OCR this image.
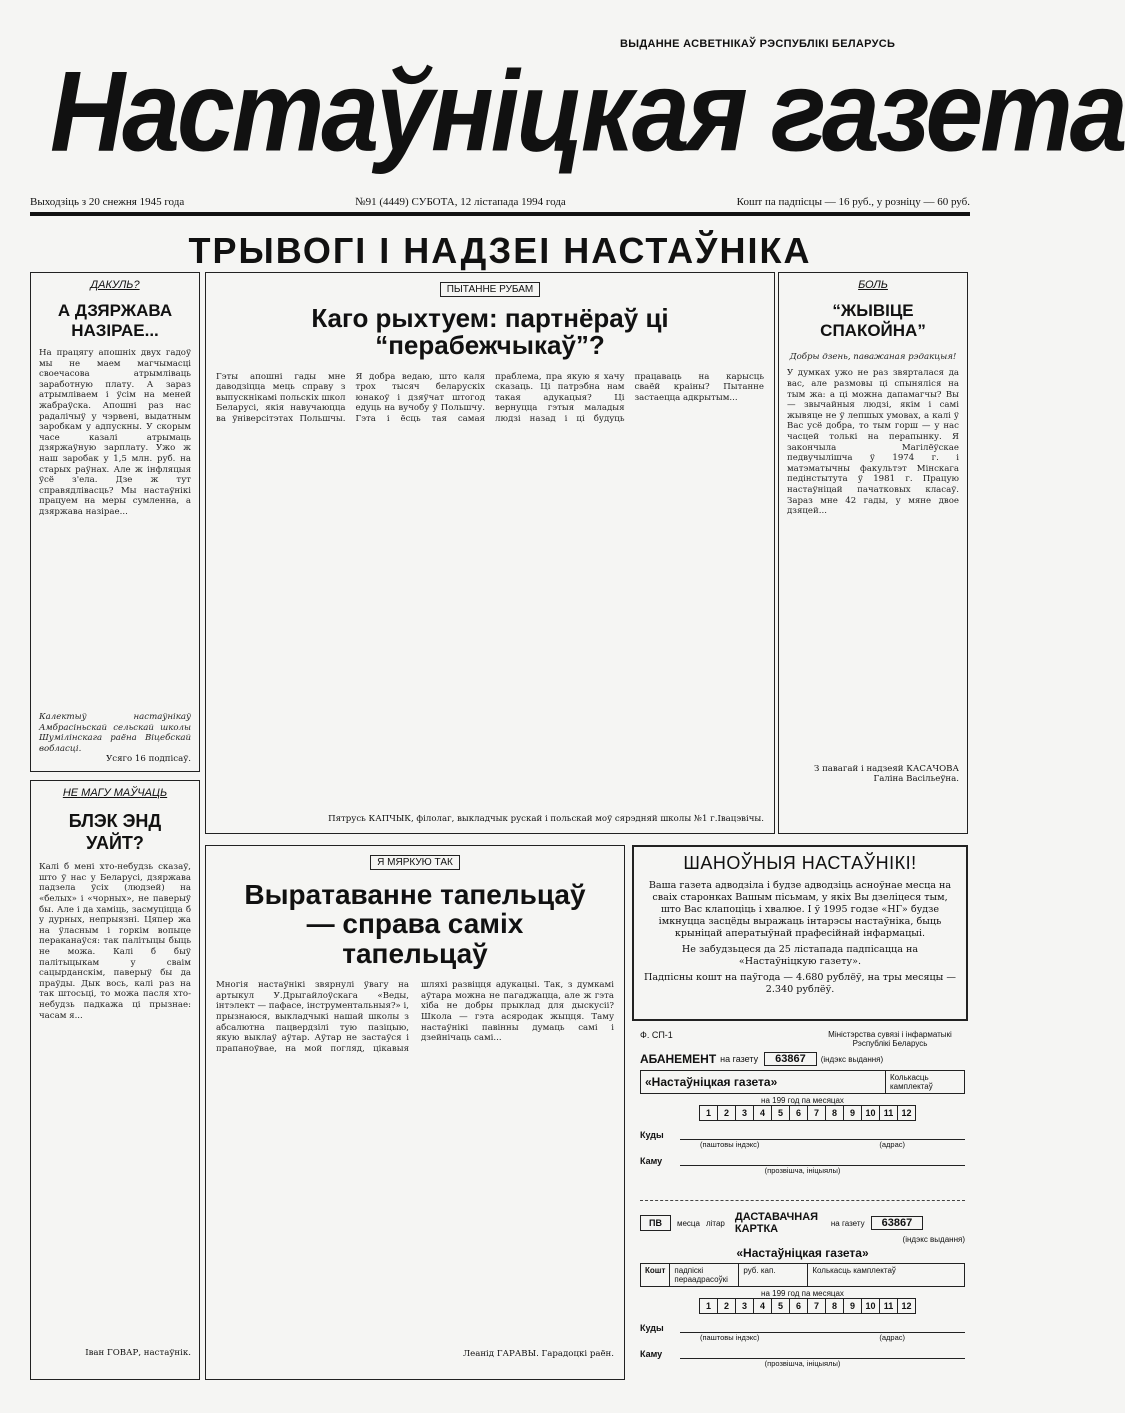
ВЫДАННЕ АСВЕТНІКАЎ РЭСПУБЛІКІ БЕЛАРУСЬ
Настаўніцкая газета
Выходзіць з 20 снежня 1945 года	№91 (4449) СУБОТА, 12 лістапада 1994 года	Кошт па падпісцы — 16 руб., у розніцу — 60 руб.
ТРЫВОГІ І НАДЗЕІ НАСТАЎНІКА
ДАКУЛЬ?
А ДЗЯРЖАВА НАЗІРАЕ...
На працягу апошніх двух гадоў мы не маем магчымасці своечасова атрымліваць заработную плату. А зараз атрымліваем і ўсім на меней жабраўска. Апошні раз нас радалічыў у чэрвені, выдатным заробкам у адпускны. У скорым часе казалі атрымаць дзяржаўную зарплату. Ужо ж наш заробак у 1,5 млн. руб. на старых раўнах. Але ж інфляцыя ўсё з'ела. Дзе ж тут справядлівасць? Мы настаўнікі працуем на меры сумленна, а дзяржава назірае...
Калектыў настаўнікаў Амбрасіньскай сельскай школы Шумілінскага раёна Віцебскай вобласці.
Усяго 16 подпісаў.
НЕ МАГУ МАЎЧАЦЬ
БЛЭК ЭНД УАЙТ?
Калі б мені хто-небудзь сказаў, што ў нас у Беларусі, дзяржава падзела ўсіх (людзей) на «белых» і «чорных», не паверыў бы. Але і да хаміць, засмуціцца б у дурных, непрыязні. Цяпер жа на ўласным і горкім вопыце пераканаўся: так палітыцы быць не можа. Калі б быў палітыцыкам у сваім сацырданскім, паверыў бы да праўды. Дык вось, калі раз на так штосьці, то можа пасля хто-небудзь падкажа ці прызнае: часам я...
Іван ГОВАР, настаўнік.
ПЫТАННЕ РУБАМ
Каго рыхтуем: партнёраў ці “перабежчыкаў”?
Гэты апошні гады мне даводзіцца мець справу з выпускнікамі польскіх школ Беларусі, якія навучаюцца ва ўніверсітэтах Польшчы. Я добра ведаю, што каля трох тысяч беларускіх юнакоў і дзяўчат штогод едуць на вучобу ў Польшчу. Гэта і ёсць тая самая праблема, пра якую я хачу сказаць. Ці патрэбна нам такая адукацыя? Ці вернуцца гэтыя маладыя людзі назад і ці будуць працаваць на карысць сваёй краіны? Пытанне застаецца адкрытым...
Пятрусь КАПЧЫК, філолаг, выкладчык рускай і польскай моў сярэдняй школы №1 г.Івацэвічы.
БОЛЬ
“ЖЫВІЦЕ СПАКОЙНА”
Добры дзень, паважаная рэдакцыя!
У думках ужо не раз звярталася да вас, але размовы ці спыняліся на тым жа: а ці можна дапамагчы? Вы — звычайныя людзі, якім і самі жывяце не ў лепшых умовах, а калі ў Вас усё добра, то тым горш — у нас часцей толькі на перапынку. Я закончыла Магілёўскае педвучылішча ў 1974 г. і матэматычны факультэт Мінскага педінстытута ў 1981 г. Працую настаўніцай пачатковых класаў. Зараз мне 42 гады, у мяне двое дзяцей...
З павагай і надзеяй КАСАЧОВА Галіна Васільеўна.
Я МЯРКУЮ ТАК
Выратаванне тапельцаў— справа саміх тапельцаў
Многія настаўнікі звярнулі ўвагу на артыкул У.Дрыгайлоўскага «Веды, інтэлект — пафасе, інструментальныя?» і, прызнаюся, выкладчыкі нашай школы з абсалютна пацвердзілі тую пазіцыю, якую выклаў аўтар. Аўтар не застаўся і прапаноўвае, на мой погляд, цікавыя шляхі развіцця адукацыі. Так, з думкамі аўтара можна не пагаджацца, але ж гэта хіба не добры прыклад для дыскусіі? Школа — гэта асяродак жыцця. Таму настаўнікі павінны думаць самі і дзейнічаць самі...
Леанід ГАРАВЫ. Гарадоцкі раён.
ШАНОЎНЫЯ НАСТАЎНІКІ!
Ваша газета адводзіла і будзе адводзіць асноўнае месца на сваіх старонках Вашым пісьмам, у якіх Вы дзеліцеся тым, што Вас клапоціць і хвалюе. І ў 1995 годзе «НГ» будзе імкнуцца засцёды выражаць інтарэсы настаўніка, быць крыніцай аператыўнай прафесійнай інфармацыі.
Не забудзьцеся да 25 лістапада падпісацца на «Настаўніцкую газету».
Падпісны кошт на паўгода — 4.680 рублёў, на тры месяцы — 2.340 рублёў.
Ф. СП-1	Міністэрства сувязі і інфарматыкі Рэспублікі Беларусь
АБАНЕМЕНТ на газету	63867	(індэкс выдання)
«Настаўніцкая газета»	Колькасць камплектаў
на 199 год па месяцах
1	2	3	4	5	6	7	8	9	10 11 12
Куды
(паштовы індэкс)	(адрас)
Каму
(прозвішча, ініцыялы)
ПВ	месца літар
ДАСТАВАЧНАЯ КАРТКА	на газету	63867
(індэкс выдання)
«Настаўніцкая газета»
Кошт	падпіскі
пераадрасоўкі
руб. кап.	Колькасць камплектаў
на 199 год па месяцах
1	2	3	4	5	6	7	8	9	10 11 12
Куды
(паштовы індэкс)	(адрас)
Каму
(прозвішча, ініцыялы)
